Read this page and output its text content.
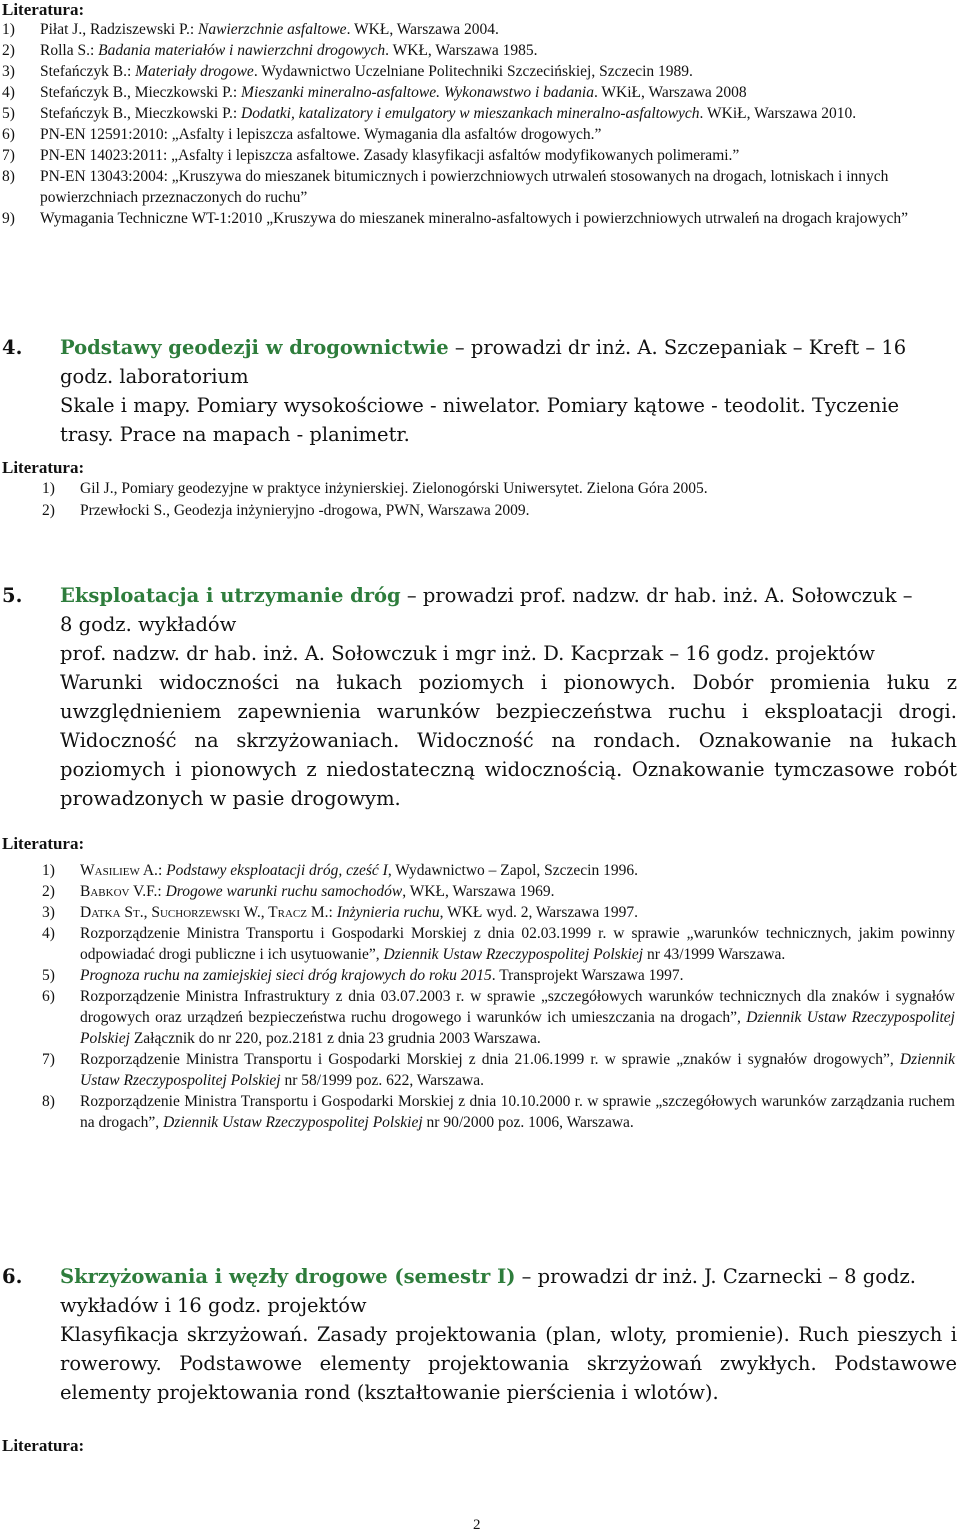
Literatura:
1) Piłat J., Radziszewski P.: Nawierzchnie asfaltowe. WKŁ, Warszawa 2004.
2) Rolla S.: Badania materiałów i nawierzchni drogowych. WKŁ, Warszawa 1985.
3) Stefańczyk B.: Materiały drogowe. Wydawnictwo Uczelniane Politechniki Szczecińskiej, Szczecin 1989.
4) Stefańczyk B., Mieczkowski P.: Mieszanki mineralno-asfaltowe. Wykonawstwo i badania. WKiŁ, Warszawa 2008
5) Stefańczyk B., Mieczkowski P.: Dodatki, katalizatory i emulgatory w mieszankach mineralno-asfaltowych. WKiŁ, Warszawa 2010.
6) PN-EN 12591:2010: „Asfalty i lepiszcza asfaltowe. Wymagania dla asfaltów drogowych.”
7) PN-EN 14023:2011: „Asfalty i lepiszcza asfaltowe. Zasady klasyfikacji asfaltów modyfikowanych polimerami.”
8) PN-EN 13043:2004: „Kruszywa do mieszanek bitumicznych i powierzchniowych utrwaleń stosowanych na drogach, lotniskach i innych powierzchniach przeznaczonych do ruchu”
9) Wymagania Techniczne WT-1:2010 „Kruszywa do mieszanek mineralno-asfaltowych i powierzchniowych utrwaleń na drogach krajowych”
4. Podstawy geodezji w drogownictwie – prowadzi dr inż. A. Szczepaniak – Kreft – 16 godz. laboratorium
Skale i mapy. Pomiary wysokościowe - niwelator. Pomiary kątowe - teodolit. Tyczenie trasy. Prace na mapach - planimetr.
Literatura:
1) Gil J., Pomiary geodezyjne w praktyce inżynierskiej. Zielonogórski Uniwersytet. Zielona Góra 2005.
2) Przewłocki S., Geodezja inżynieryjno -drogowa, PWN, Warszawa 2009.
5. Eksploatacja i utrzymanie dróg – prowadzi prof. nadzw. dr hab. inż. A. Sołowczuk – 8 godz. wykładów
prof. nadzw. dr hab. inż. A. Sołowczuk i mgr inż. D. Kacprzak – 16 godz. projektów
Warunki widoczności na łukach poziomych i pionowych. Dobór promienia łuku z uwzględnieniem zapewnienia warunków bezpieczeństwa ruchu i eksploatacji drogi. Widoczność na skrzyżowaniach. Widoczność na rondach. Oznakowanie na łukach poziomych i pionowych z niedostateczną widocznością. Oznakowanie tymczasowe robót prowadzonych w pasie drogowym.
2
Literatura:
1) Wasiliew A.: Podstawy eksploatacji dróg, cześć I, Wydawnictwo – Zapol, Szczecin 1996.
2) Babkov V.F.: Drogowe warunki ruchu samochodów, WKŁ, Warszawa 1969.
3) Datka St., Suchorzewski W., Tracz M.: Inżynieria ruchu, WKŁ wyd. 2, Warszawa 1997.
4) Rozporządzenie Ministra Transportu i Gospodarki Morskiej z dnia 02.03.1999 r. w sprawie „warunków technicznych, jakim powinny odpowiadać drogi publiczne i ich usytuowanie”, Dziennik Ustaw Rzeczypospolitej Polskiej nr 43/1999 Warszawa.
5) Prognoza ruchu na zamiejskiej sieci dróg krajowych do roku 2015. Transprojekt Warszawa 1997.
6) Rozporządzenie Ministra Infrastruktury z dnia 03.07.2003 r. w sprawie „szczegółowych warunków technicznych dla znaków i sygnałów drogowych oraz urządzeń bezpieczeństwa ruchu drogowego i warunków ich umieszczania na drogach”, Dziennik Ustaw Rzeczypospolitej Polskiej Załącznik do nr 220, poz.2181 z dnia 23 grudnia 2003 Warszawa.
7) Rozporządzenie Ministra Transportu i Gospodarki Morskiej z dnia 21.06.1999 r. w sprawie „znaków i sygnałów drogowych”, Dziennik Ustaw Rzeczypospolitej Polskiej nr 58/1999 poz. 622, Warszawa.
8) Rozporządzenie Ministra Transportu i Gospodarki Morskiej z dnia 10.10.2000 r. w sprawie „szczegółowych warunków zarządzania ruchem na drogach”, Dziennik Ustaw Rzeczypospolitej Polskiej nr 90/2000 poz. 1006, Warszawa.
6. Skrzyżowania i węzły drogowe (semestr I) – prowadzi dr inż. J. Czarnecki – 8 godz. wykładów i 16 godz. projektów
Klasyfikacja skrzyżowań. Zasady projektowania (plan, wloty, promienie). Ruch pieszych i rowerowy. Podstawowe elementy projektowania skrzyżowań zwykłych. Podstawowe elementy projektowania rond (kształtowanie pierścienia i wlotów).
Literatura:
